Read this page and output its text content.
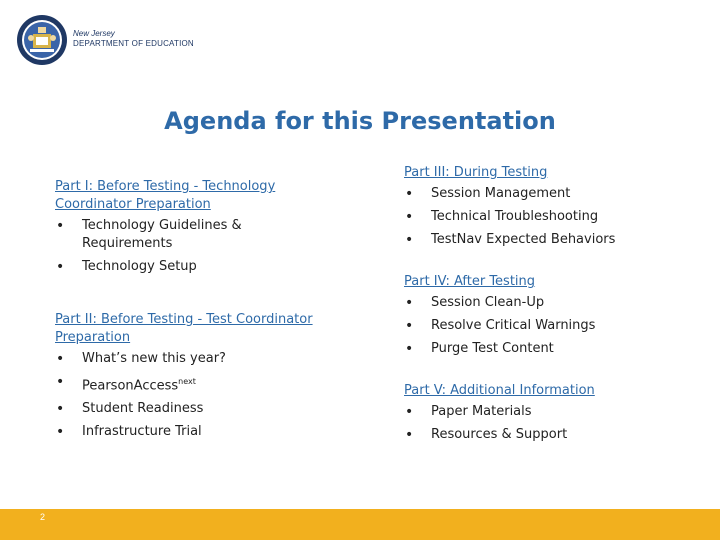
New Jersey
DEPARTMENT OF EDUCATION
Agenda for this Presentation
Part I: Before Testing - Technology Coordinator Preparation
• Technology Guidelines & Requirements
• Technology Setup
Part II: Before Testing - Test Coordinator Preparation
• What’s new this year?
• PearsonAccess$^{next}$
• Student Readiness
• Infrastructure Trial
Part III: During Testing
• Session Management
• Technical Troubleshooting
• TestNav Expected Behaviors
Part IV: After Testing
• Session Clean-Up
• Resolve Critical Warnings
• Purge Test Content
Part V: Additional Information
• Paper Materials
• Resources & Support
2
